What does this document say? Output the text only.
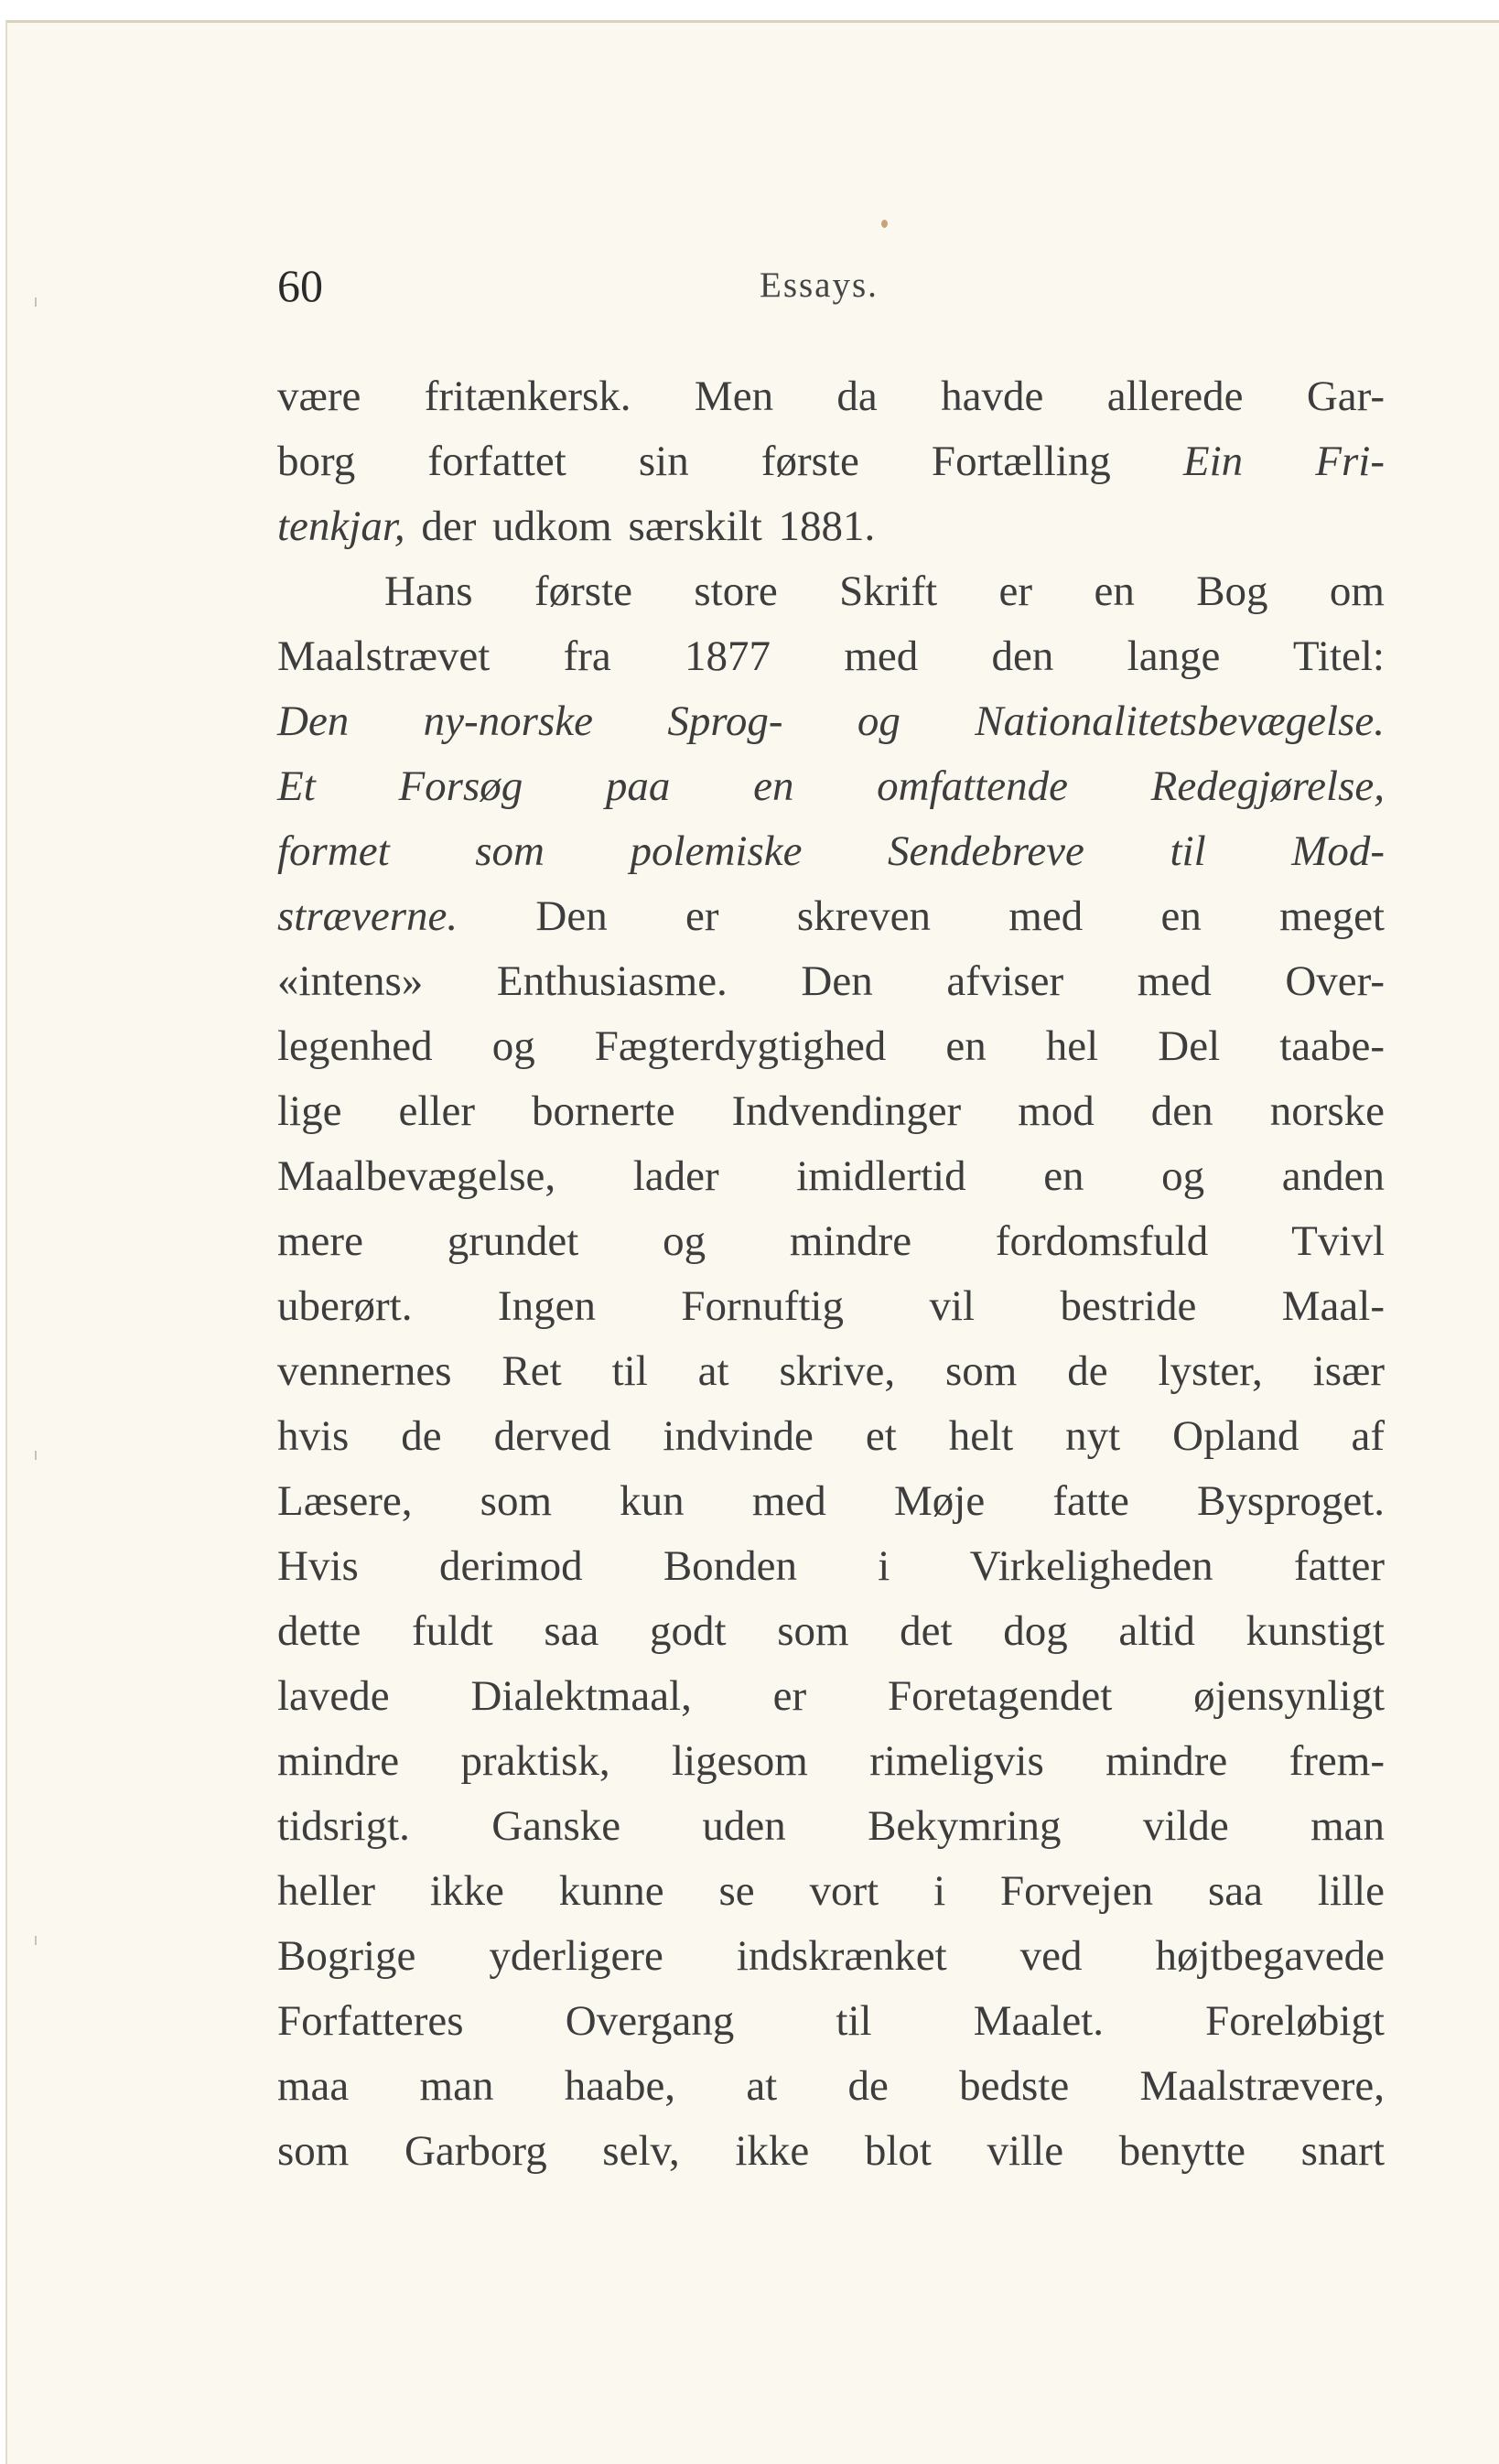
60	Essays.
være fritænkersk. Men da havde allerede Gar-
borg forfattet sin første Fortælling Ein Fri-
tenkjar, der udkom særskilt 1881.
Hans første store Skrift er en Bog om
Maalstrævet fra 1877 med den lange Titel:
Den ny-norske Sprog- og Nationalitetsbevægelse.
Et Forsøg paa en omfattende Redegjørelse,
formet som polemiske Sendebreve til Mod-
stræverne. Den er skreven med en meget
«intens» Enthusiasme. Den afviser med Over-
legenhed og Fægterdygtighed en hel Del taabe-
lige eller bornerte Indvendinger mod den norske
Maalbevægelse, lader imidlertid en og anden
mere grundet og mindre fordomsfuld Tvivl
uberørt. Ingen Fornuftig vil bestride Maal-
vennernes Ret til at skrive, som de lyster, især
hvis de derved indvinde et helt nyt Opland af
Læsere, som kun med Møje fatte Bysproget.
Hvis derimod Bonden i Virkeligheden fatter
dette fuldt saa godt som det dog altid kunstigt
lavede Dialektmaal, er Foretagendet øjensynligt
mindre praktisk, ligesom rimeligvis mindre frem-
tidsrigt. Ganske uden Bekymring vilde man
heller ikke kunne se vort i Forvejen saa lille
Bogrige yderligere indskrænket ved højtbegavede
Forfatteres Overgang til Maalet. Foreløbigt
maa man haabe, at de bedste Maalstrævere,
som Garborg selv, ikke blot ville benytte snart
